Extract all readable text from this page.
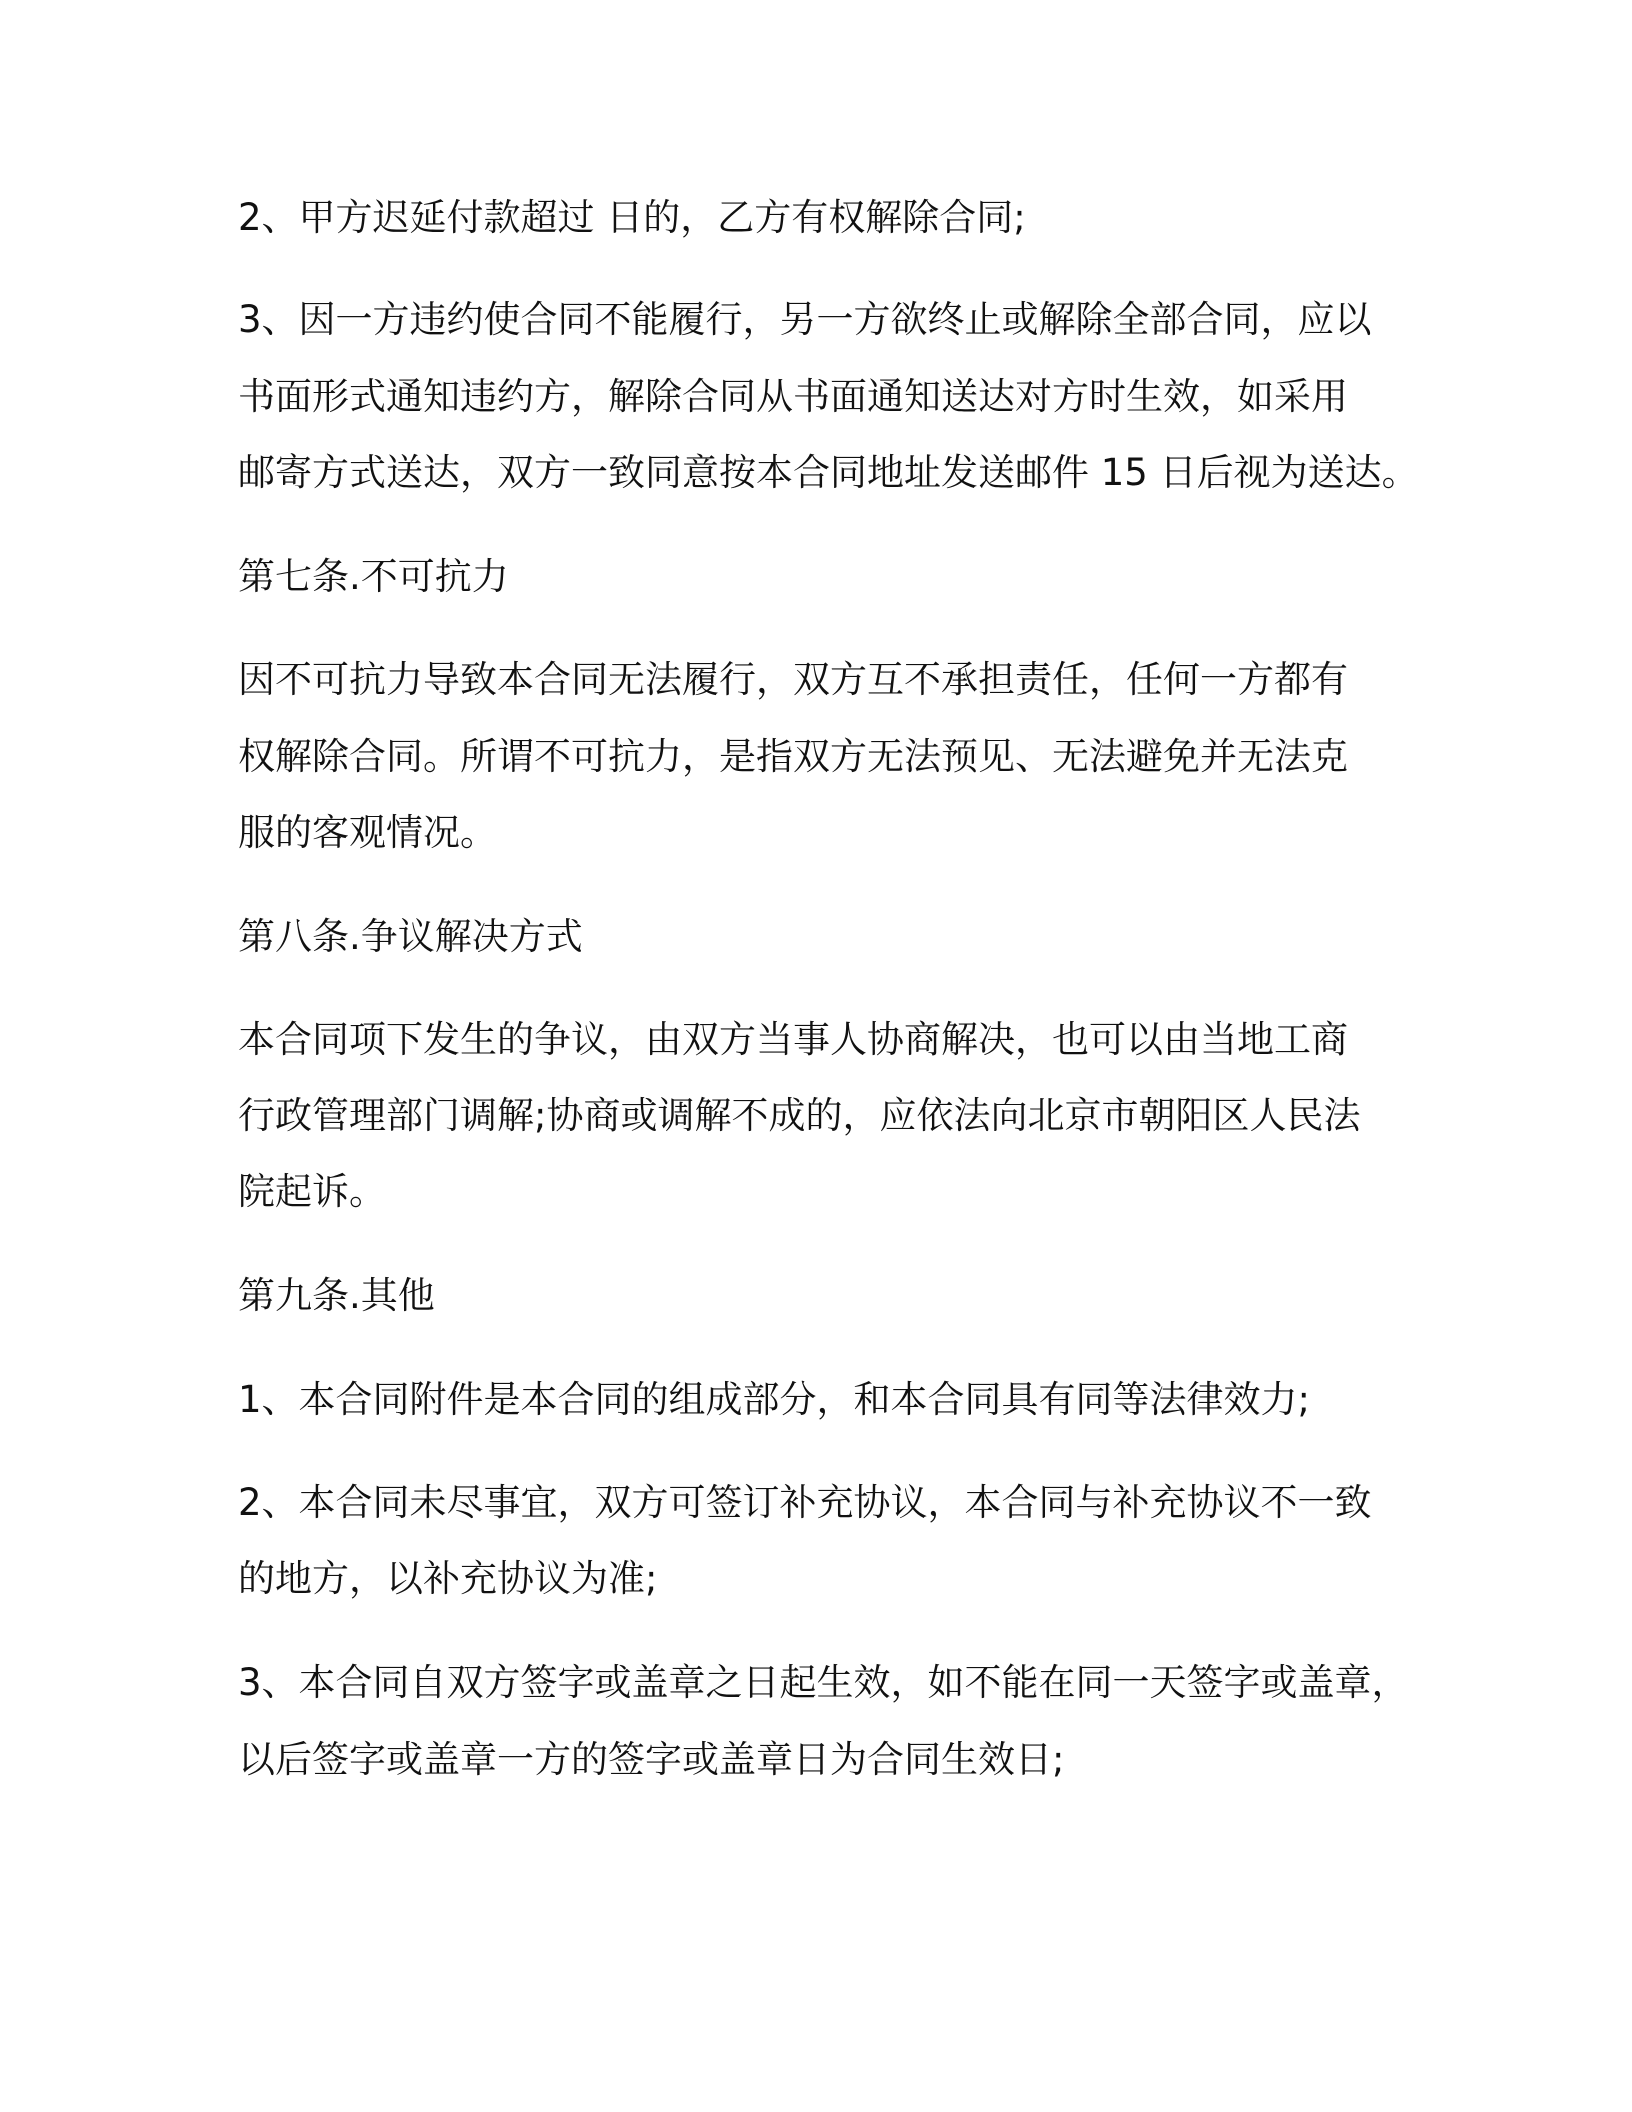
2、甲方迟延付款超过 日的，乙方有权解除合同;
3、因一方违约使合同不能履行，另一方欲终止或解除全部合同，应以
书面形式通知违约方，解除合同从书面通知送达对方时生效，如采用
邮寄方式送达，双方一致同意按本合同地址发送邮件 15 日后视为送达。
第七条.不可抗力
因不可抗力导致本合同无法履行，双方互不承担责任，任何一方都有
权解除合同。所谓不可抗力，是指双方无法预见、无法避免并无法克
服的客观情况。
第八条.争议解决方式
本合同项下发生的争议，由双方当事人协商解决，也可以由当地工商
行政管理部门调解;协商或调解不成的，应依法向北京市朝阳区人民法
院起诉。
第九条.其他
1、本合同附件是本合同的组成部分，和本合同具有同等法律效力;
2、本合同未尽事宜，双方可签订补充协议，本合同与补充协议不一致
的地方，以补充协议为准;
3、本合同自双方签字或盖章之日起生效，如不能在同一天签字或盖章，
以后签字或盖章一方的签字或盖章日为合同生效日;
